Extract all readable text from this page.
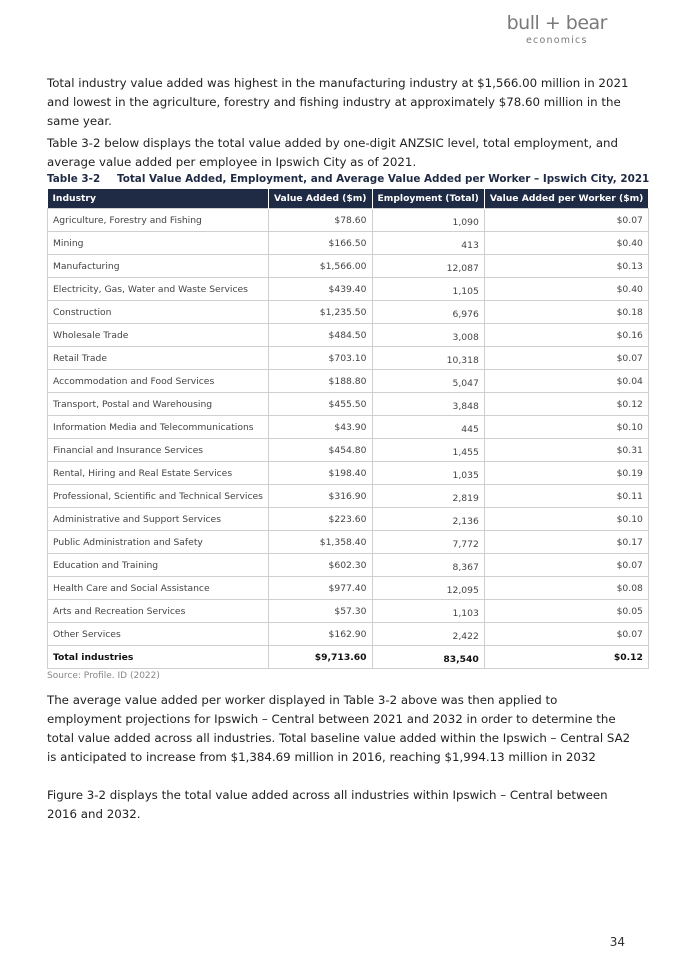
bull + bear
economics

Total industry value added was highest in the manufacturing industry at $1,566.00 million in 2021 and lowest in the agriculture, forestry and fishing industry at approximately $78.60 million in the same year.

Table 3-2 below displays the total value added by one-digit ANZSIC level, total employment, and average value added per employee in Ipswich City as of 2021.

Table 3-2 Total Value Added, Employment, and Average Value Added per Worker – Ipswich City, 2021
Industry	Value Added ($m)	Employment (Total)	Value Added per Worker ($m)
Agriculture, Forestry and Fishing	$78.60	1,090	$0.07
Mining	$166.50	413	$0.40
Manufacturing	$1,566.00	12,087	$0.13
Electricity, Gas, Water and Waste Services	$439.40	1,105	$0.40
Construction	$1,235.50	6,976	$0.18
Wholesale Trade	$484.50	3,008	$0.16
Retail Trade	$703.10	10,318	$0.07
Accommodation and Food Services	$188.80	5,047	$0.04
Transport, Postal and Warehousing	$455.50	3,848	$0.12
Information Media and Telecommunications	$43.90	445	$0.10
Financial and Insurance Services	$454.80	1,455	$0.31
Rental, Hiring and Real Estate Services	$198.40	1,035	$0.19
Professional, Scientific and Technical Services	$316.90	2,819	$0.11
Administrative and Support Services	$223.60	2,136	$0.10
Public Administration and Safety	$1,358.40	7,772	$0.17
Education and Training	$602.30	8,367	$0.07
Health Care and Social Assistance	$977.40	12,095	$0.08
Arts and Recreation Services	$57.30	1,103	$0.05
Other Services	$162.90	2,422	$0.07
Total industries	$9,713.60	83,540	$0.12
Source: Profile. ID (2022)

The average value added per worker displayed in Table 3-2 above was then applied to employment projections for Ipswich – Central between 2021 and 2032 in order to determine the total value added across all industries. Total baseline value added within the Ipswich – Central SA2 is anticipated to increase from $1,384.69 million in 2016, reaching $1,994.13 million in 2032

Figure 3-2 displays the total value added across all industries within Ipswich – Central between 2016 and 2032.

34
